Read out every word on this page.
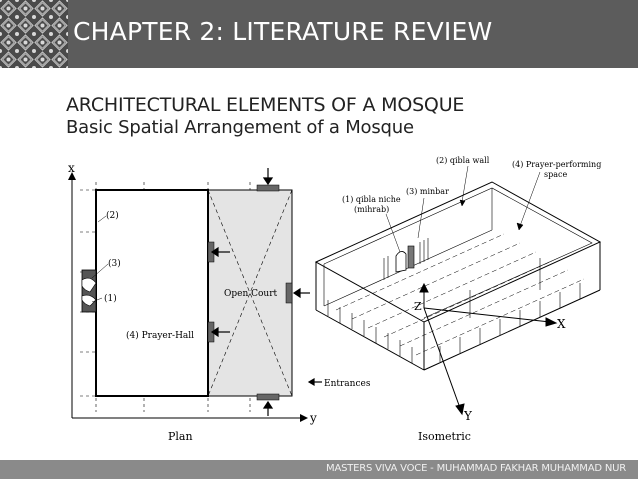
CHAPTER 2: LITERATURE REVIEW
ARCHITECTURAL ELEMENTS OF A MOSQUE
Basic Spatial Arrangement of a Mosque
x
y
(2)
(3)
(1)
(4) Prayer-Hall
Open Court
Entrances
Plan
Z
X
Y
(2) qibla wall	(4) Prayer-performing
space
(3) minbar
(1) qibla niche
(mihrab)
Isometric
MASTERS VIVA VOCE - MUHAMMAD FAKHAR MUHAMMAD NUR
